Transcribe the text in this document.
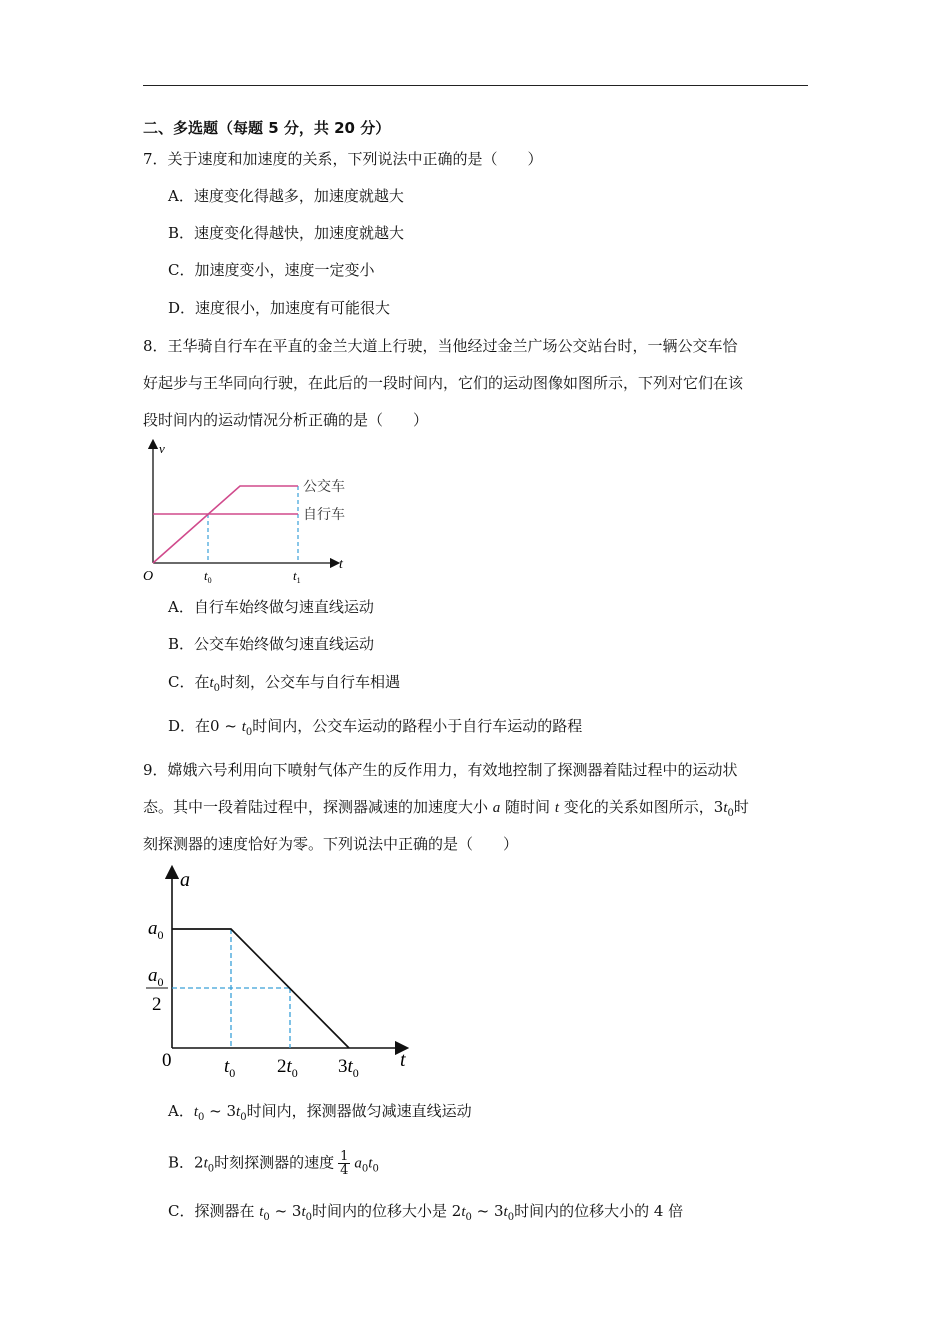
二、多选题（每题 5 分，共 20 分）
7．关于速度和加速度的关系，下列说法中正确的是（　　）
A．速度变化得越多，加速度就越大
B．速度变化得越快，加速度就越大
C．加速度变小，速度一定变小
D．速度很小，加速度有可能很大
8．王华骑自行车在平直的金兰大道上行驶，当他经过金兰广场公交站台时，一辆公交车恰
好起步与王华同向行驶，在此后的一段时间内，它们的运动图像如图所示，下列对它们在该
段时间内的运动情况分析正确的是（　　）
v
t
O	$t_0$	$t_1$
公交车
自行车
A．自行车始终做匀速直线运动
B．公交车始终做匀速直线运动
C．在$t_0$时刻，公交车与自行车相遇
D．在0 ~ $t_0$时间内，公交车运动的路程小于自行车运动的路程
9．嫦娥六号利用向下喷射气体产生的反作用力，有效地控制了探测器着陆过程中的运动状
态。其中一段着陆过程中，探测器减速的加速度大小 a 随时间 t 变化的关系如图所示，$3t_0$时
刻探测器的速度恰好为零。下列说法中正确的是（　　）
a
t
$a_0$
$a_0$
2
0	$t_0$ $2t_0$ $3t_0$
A．$t_0$ ~ $3t_0$时间内，探测器做匀减速直线运动
B．$2t_0$时刻探测器的速度 $\frac{1}{4} a_0t_0$
C．探测器在 $t_0$ ~ $3t_0$时间内的位移大小是 $2t_0$ ~ $3t_0$时间内的位移大小的 4 倍
